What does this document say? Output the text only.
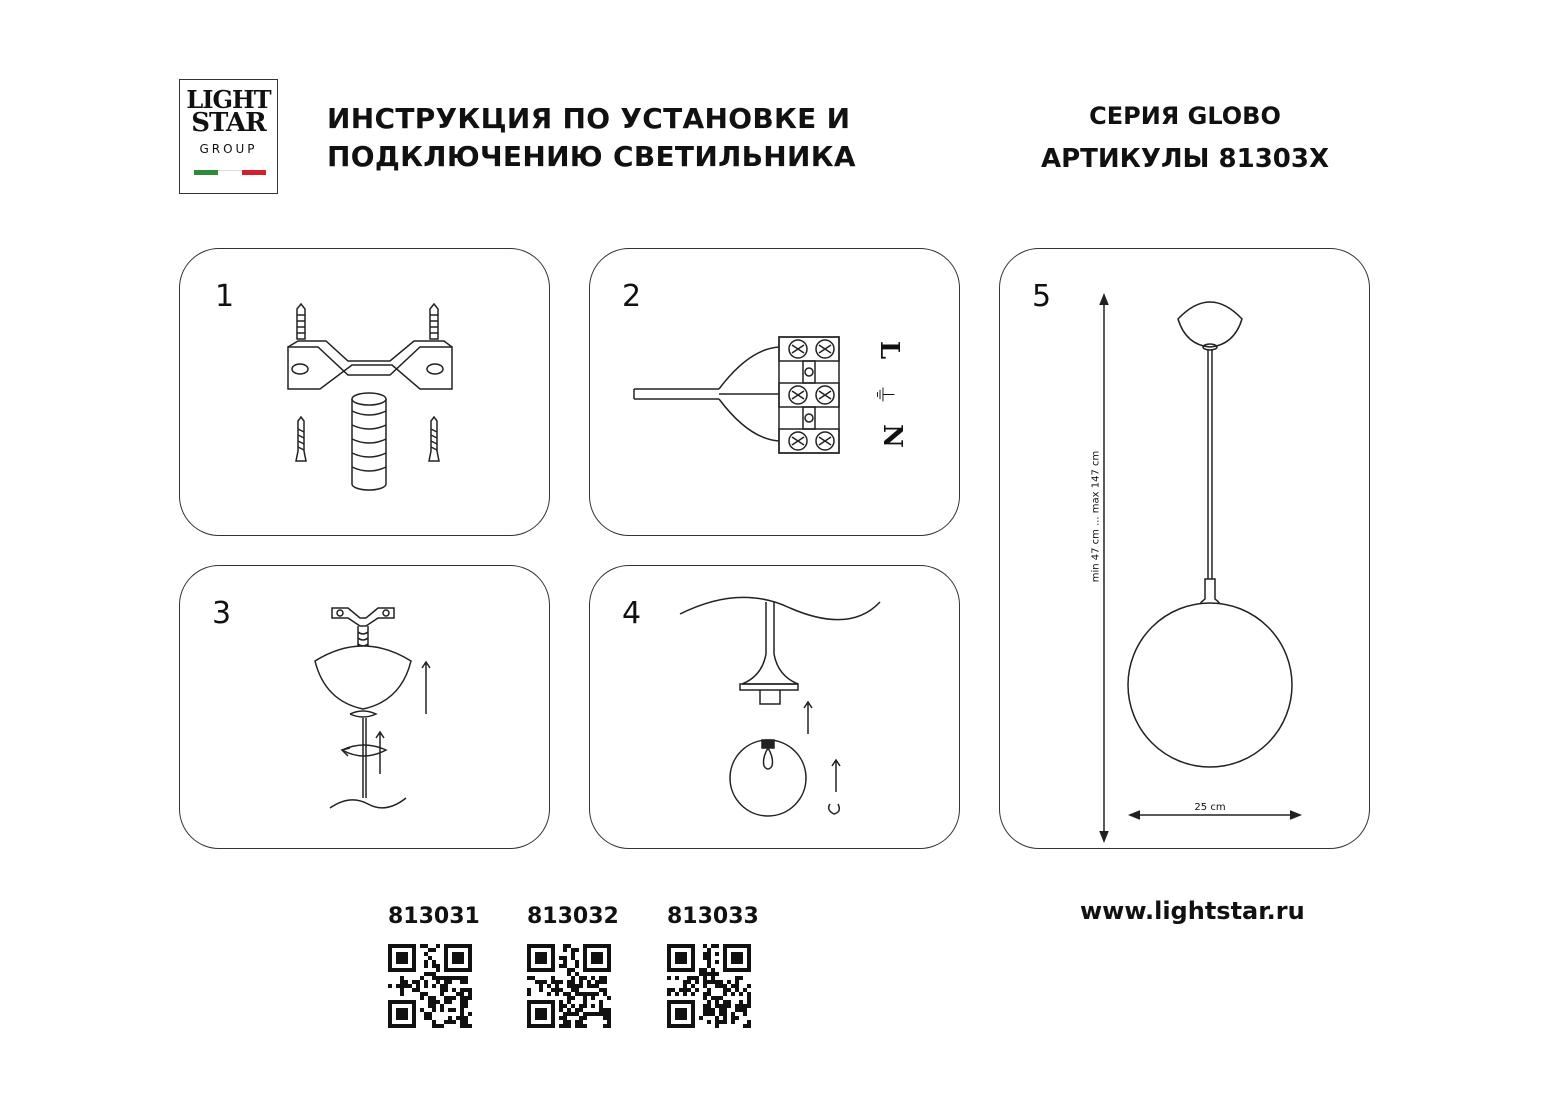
LIGHT
STAR
GROUP
ИНСТРУКЦИЯ ПО УСТАНОВКЕ И
ПОДКЛЮЧЕНИЮ СВЕТИЛЬНИКА
СЕРИЯ GLOBO
АРТИКУЛЫ 81303X
1	2
L
⏚
N
3	4
5
min 47 cm ... max 147 cm
25 cm
813031 813032 813033	www.lightstar.ru
